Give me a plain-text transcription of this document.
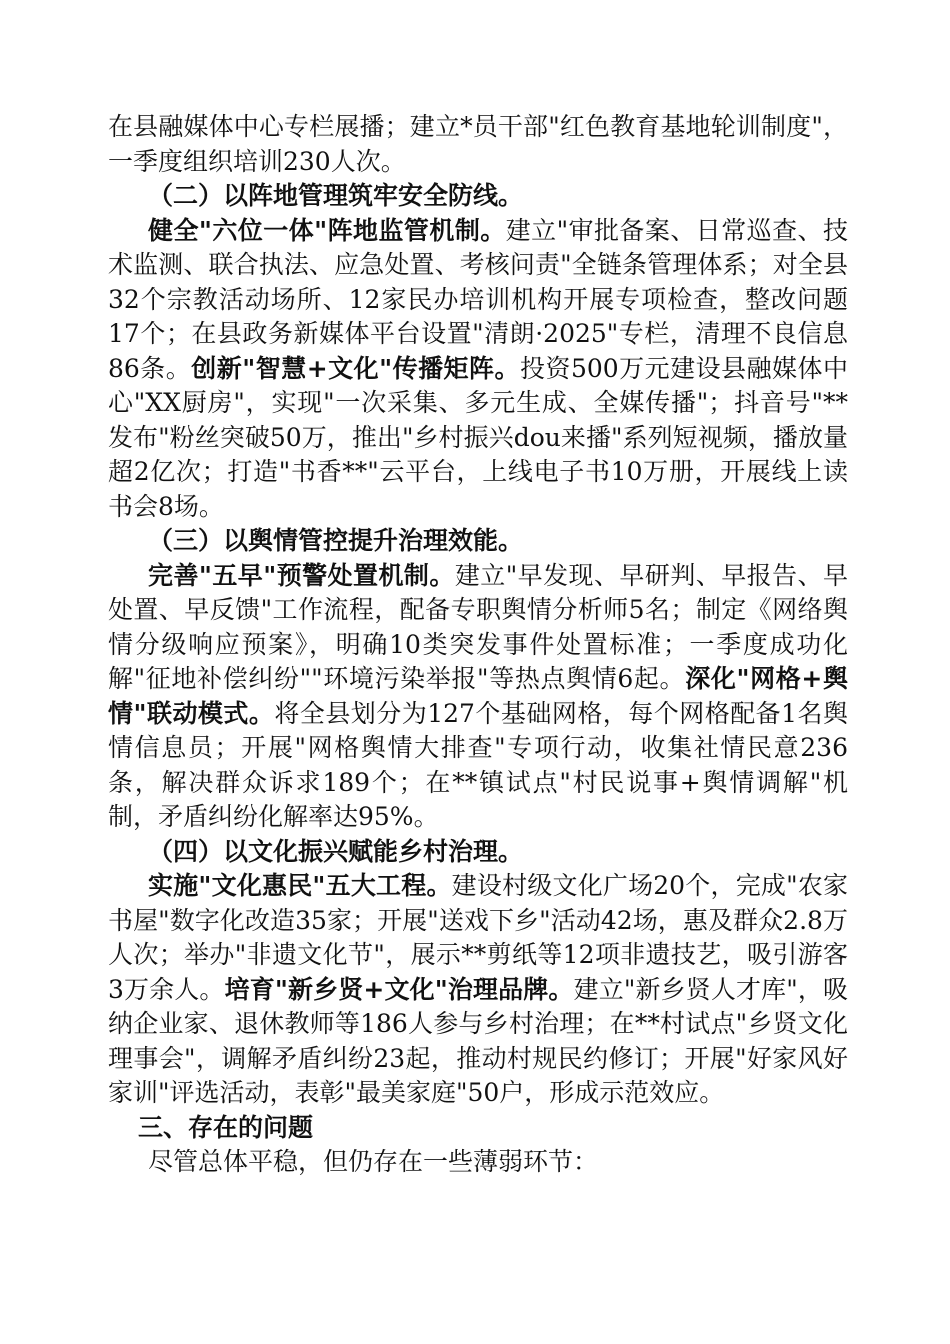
在县融媒体中心专栏展播；建立*员干部"红色教育基地轮训制度"，一季度组织培训230人次。

（二）以阵地管理筑牢安全防线。

健全"六位一体"阵地监管机制。建立"审批备案、日常巡查、技术监测、联合执法、应急处置、考核问责"全链条管理体系；对全县32个宗教活动场所、12家民办培训机构开展专项检查，整改问题17个；在县政务新媒体平台设置"清朗·2025"专栏，清理不良信息86条。创新"智慧+文化"传播矩阵。投资500万元建设县融媒体中心"XX厨房"，实现"一次采集、多元生成、全媒传播"；抖音号"**发布"粉丝突破50万，推出"乡村振兴dou来播"系列短视频，播放量超2亿次；打造"书香**"云平台，上线电子书10万册，开展线上读书会8场。

（三）以舆情管控提升治理效能。

完善"五早"预警处置机制。建立"早发现、早研判、早报告、早处置、早反馈"工作流程，配备专职舆情分析师5名；制定《网络舆情分级响应预案》，明确10类突发事件处置标准；一季度成功化解"征地补偿纠纷""环境污染举报"等热点舆情6起。深化"网格+舆情"联动模式。将全县划分为127个基础网格，每个网格配备1名舆情信息员；开展"网格舆情大排查"专项行动，收集社情民意236条，解决群众诉求189个；在**镇试点"村民说事+舆情调解"机制，矛盾纠纷化解率达95%。

（四）以文化振兴赋能乡村治理。

实施"文化惠民"五大工程。建设村级文化广场20个，完成"农家书屋"数字化改造35家；开展"送戏下乡"活动42场，惠及群众2.8万人次；举办"非遗文化节"，展示**剪纸等12项非遗技艺，吸引游客3万余人。培育"新乡贤+文化"治理品牌。建立"新乡贤人才库"，吸纳企业家、退休教师等186人参与乡村治理；在**村试点"乡贤文化理事会"，调解矛盾纠纷23起，推动村规民约修订；开展"好家风好家训"评选活动，表彰"最美家庭"50户，形成示范效应。

三、存在的问题

尽管总体平稳，但仍存在一些薄弱环节：
